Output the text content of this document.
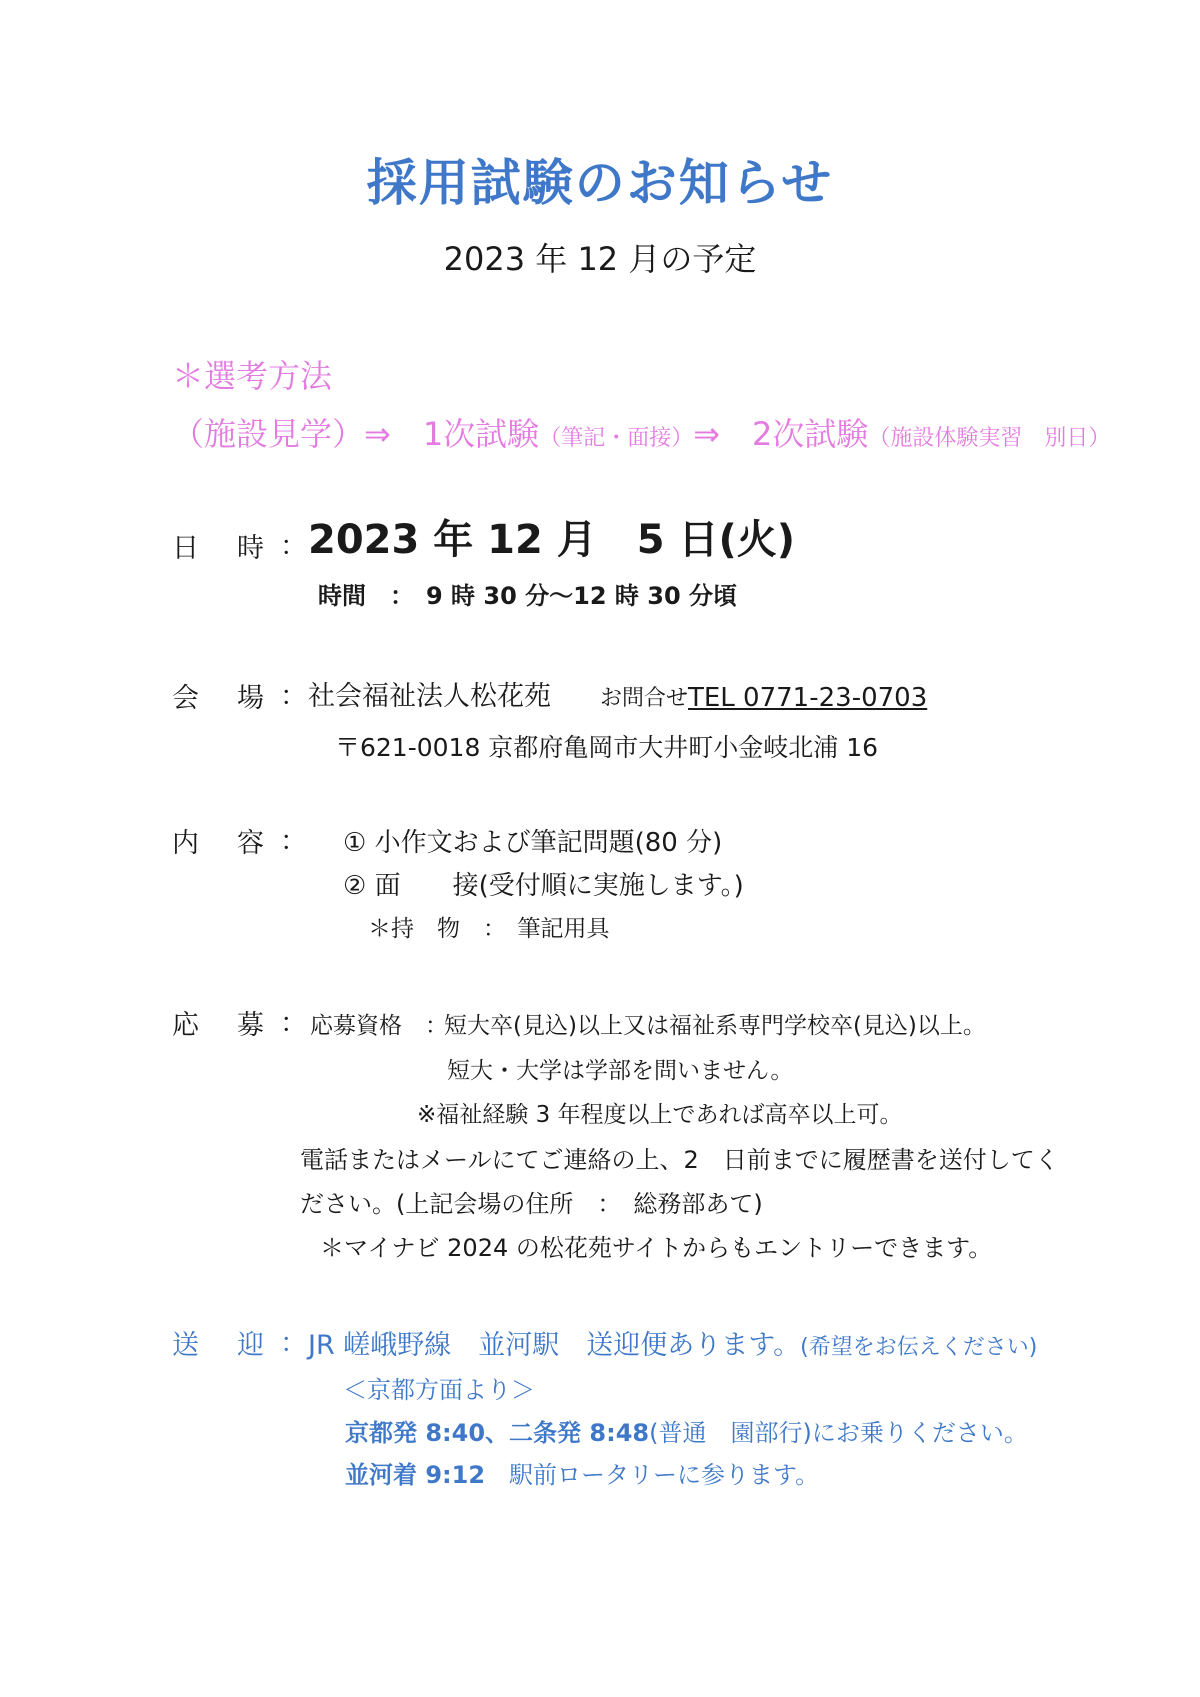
採用試験のお知らせ
2023 年 12 月の予定
＊選考方法
（施設見学）⇒　1次試験（筆記・面接）⇒　2次試験（施設体験実習　別日）
日 時 ： 2023 年 12 月　5 日(火)
時間　：　9 時 30 分～12 時 30 分頃
会 場 ： 社会福祉法人松花苑 お問合せ TEL 0771-23-0703
〒621-0018 京都府亀岡市大井町小金岐北浦 16
内 容 ： ① 小作文および筆記問題(80 分)
② 面 接(受付順に実施します。)
＊持　物　：　筆記用具
応 募 ： 応募資格　：
短大卒(見込)以上又は福祉系専門学校卒(見込)以上。
短大・大学は学部を問いません。
※福祉経験 3 年程度以上であれば高卒以上可。
電話またはメールにてご連絡の上、2　日前までに履歴書を送付してく
ださい。(上記会場の住所　：　総務部あて)
＊マイナビ 2024 の松花苑サイトからもエントリーできます。
送 迎 ： JR 嵯峨野線　並河駅　送迎便あります。(希望をお伝えください)
＜京都方面より＞
京都発 8:40、二条発 8:48(普通　園部行)にお乗りください。
並河着 9:12　駅前ロータリーに参ります。
